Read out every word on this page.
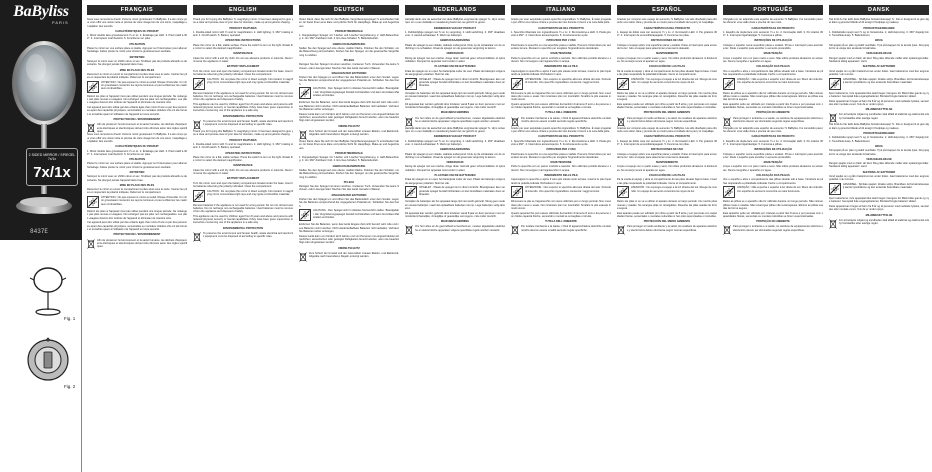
BaByliss
PARIS
2 SIDED MIRROR / SPIEGEL 7x/1x
7x/1x
8437E
Fig. 1
Fig. 2
FRANÇAIS
Nous vous remercions d'avoir choisi le miroir grossissant 7x BaByliss. Il a été conçu pour vous offrir une vision nette et précise de votre visage lors de vos soins, maquillage et épilation des sourcils.
CARACTÉRISTIQUES DU PRODUIT
1. Miroir double face grossissement 7x et 1x. 2. Éclairage par LED. 3. Pied rotatif à 360°. 4. Interrupteur marche/arrêt. 5. Fonctionne sur piles.
UTILISATION
Placez le miroir sur une surface plane et stable. Appuyez sur l'interrupteur pour allumer l'éclairage. Faites pivoter le miroir pour choisir le grossissement souhaité.
ENTRETIEN
Nettoyez le miroir avec un chiffon doux et sec. N'utilisez pas de produits abrasifs ou de solvants. Ne plongez jamais l'appareil dans l'eau.
MISE EN PLACE DES PILES
Retournez le miroir et ouvrez le compartiment à piles situé sous le socle. Insérez les piles en respectant la polarité indiquée. Refermez le compartiment.
ATTENTION : Ne pas exposer le miroir au soleil. Risque d'incendie. Un miroir grossissant concentre les rayons lumineux et peut enflammer les matériaux combustibles.
Retirez les piles si l'appareil n'est pas utilisé pendant une longue période. Ne mélangez pas piles neuves et usagées. Ne rechargez pas les piles non rechargeables. Les piles usagées doivent être retirées de l'appareil et éliminées de manière sûre.
Cet appareil peut être utilisé par des enfants âgés d'au moins 8 ans et par des personnes ayant des capacités physiques, sensorielles ou mentales réduites s'ils ont été formés et encadrés quant à l'utilisation de l'appareil en toute sécurité.
PROTECTION DE L'ENVIRONNEMENT
Afin de préserver l'environnement et la santé humaine, les déchets d'équipements électriques et électroniques doivent être éliminés selon des règles spécifiques.
Nous vous remercions d'avoir choisi le miroir grossissant 7x BaByliss. Il a été conçu pour vous offrir une vision nette et précise de votre visage lors de vos soins, maquillage et épilation des sourcils.
CARACTÉRISTIQUES DU PRODUIT
1. Miroir double face grossissement 7x et 1x. 2. Éclairage par LED. 3. Pied rotatif à 360°. 4. Interrupteur marche/arrêt. 5. Fonctionne sur piles.
UTILISATION
Placez le miroir sur une surface plane et stable. Appuyez sur l'interrupteur pour allumer l'éclairage. Faites pivoter le miroir pour choisir le grossissement souhaité.
ENTRETIEN
Nettoyez le miroir avec un chiffon doux et sec. N'utilisez pas de produits abrasifs ou de solvants. Ne plongez jamais l'appareil dans l'eau.
MISE EN PLACE DES PILES
Retournez le miroir et ouvrez le compartiment à piles situé sous le socle. Insérez les piles en respectant la polarité indiquée. Refermez le compartiment.
ATTENTION : Ne pas exposer le miroir au soleil. Risque d'incendie. Un miroir grossissant concentre les rayons lumineux et peut enflammer les matériaux combustibles.
Retirez les piles si l'appareil n'est pas utilisé pendant une longue période. Ne mélangez pas piles neuves et usagées. Ne rechargez pas les piles non rechargeables. Les piles usagées doivent être retirées de l'appareil et éliminées de manière sûre.
Cet appareil peut être utilisé par des enfants âgés d'au moins 8 ans et par des personnes ayant des capacités physiques, sensorielles ou mentales réduites s'ils ont été formés et encadrés quant à l'utilisation de l'appareil en toute sécurité.
PROTECTION DE L'ENVIRONNEMENT
Afin de préserver l'environnement et la santé humaine, les déchets d'équipements électriques et électroniques doivent être éliminés selon des règles spécifiques.
ENGLISH
Thank you for buying this BaByliss 7x magnifying mirror. It has been designed to give you a clear and precise view of your face for skincare, make-up and eyebrow shaping.
PRODUCT FEATURES
1. Double-sided mirror with 7x and 1x magnification. 2. LED lighting. 3. 360° rotating stand. 4. On/off switch. 5. Battery operated.
OPERATING INSTRUCTIONS
Place the mirror on a flat, stable surface. Press the switch to turn on the light. Rotate the mirror to select the desired magnification.
MAINTENANCE
Clean the mirror with a soft dry cloth. Do not use abrasive products or solvents. Never immerse the appliance in water.
BATTERY REPLACEMENT
Turn the mirror over and open the battery compartment located under the base. Insert the batteries observing the polarity indicated. Close the compartment.
CAUTION : Do not place the mirror in direct sunlight. Fire hazard. A magnifying mirror concentrates light rays and may ignite combustible materials.
Remove batteries if the appliance is not used for a long period. Do not mix old and new batteries. Do not recharge non-rechargeable batteries. Used batteries must be removed from the appliance and disposed of safely.
This appliance can be used by children aged from 8 years and above and persons with reduced physical, sensory or mental capabilities if they have been given supervision or instruction concerning use of the appliance in a safe way.
ENVIRONMENTAL PROTECTION
To preserve the environment and human health, waste electrical and electronic equipment must be disposed of according to specific rules.
Thank you for buying this BaByliss 7x magnifying mirror. It has been designed to give you a clear and precise view of your face for skincare, make-up and eyebrow shaping.
PRODUCT FEATURES
1. Double-sided mirror with 7x and 1x magnification. 2. LED lighting. 3. 360° rotating stand. 4. On/off switch. 5. Battery operated.
OPERATING INSTRUCTIONS
Place the mirror on a flat, stable surface. Press the switch to turn on the light. Rotate the mirror to select the desired magnification.
MAINTENANCE
Clean the mirror with a soft dry cloth. Do not use abrasive products or solvents. Never immerse the appliance in water.
BATTERY REPLACEMENT
Turn the mirror over and open the battery compartment located under the base. Insert the batteries observing the polarity indicated. Close the compartment.
CAUTION : Do not place the mirror in direct sunlight. Fire hazard. A magnifying mirror concentrates light rays and may ignite combustible materials.
Remove batteries if the appliance is not used for a long period. Do not mix old and new batteries. Do not recharge non-rechargeable batteries. Used batteries must be removed from the appliance and disposed of safely.
This appliance can be used by children aged from 8 years and above and persons with reduced physical, sensory or mental capabilities if they have been given supervision or instruction concerning use of the appliance in a safe way.
ENVIRONMENTAL PROTECTION
To preserve the environment and human health, waste electrical and electronic equipment must be disposed of according to specific rules.
DEUTSCH
Vielen Dank, dass Sie sich für den BaByliss Vergrößerungsspiegel 7x entschieden haben. Er bietet Ihnen eine klare und präzise Sicht für Hautpflege, Make-up und Augenbrauen.
PRODUKTMERKMALE
1. Doppelseitiger Spiegel mit 7-facher und 1-facher Vergrößerung. 2. LED-Beleuchtung. 3. Um 360° drehbarer Fuß. 4. Ein-/Aus-Schalter. 5. Batteriebetrieb.
GEBRAUCHSANWEISUNG
Stellen Sie den Spiegel auf eine ebene, stabile Fläche. Drücken Sie den Schalter, um die Beleuchtung einzuschalten. Drehen Sie den Spiegel, um die gewünschte Vergrößerung zu wählen.
PFLEGE
Reinigen Sie den Spiegel mit einem weichen, trockenen Tuch. Verwenden Sie keine Scheuer- oder Lösungsmittel. Tauchen Sie das Gerät niemals in Wasser.
EINLEGEN DER BATTERIEN
Drehen Sie den Spiegel um und öffnen Sie das Batteriefach unter dem Sockel. Legen Sie die Batterien entsprechend der angegebenen Polarität ein. Schließen Sie das Fach.
ACHTUNG : Den Spiegel nicht in direktes Sonnenlicht stellen. Brandgefahr. Ein Vergrößerungsspiegel bündelt Lichtstrahlen und kann brennbare Materialien entzünden.
Entfernen Sie die Batterien, wenn das Gerät längere Zeit nicht benutzt wird. Alte und neue Batterien nicht mischen. Nicht wiederaufladbare Batterien nicht aufladen. Verbrauchte Batterien sicher entsorgen.
Dieses Gerät kann von Kindern ab 8 Jahren und von Personen mit eingeschränkten körperlichen, sensorischen oder geistigen Fähigkeiten benutzt werden, wenn sie beaufsichtigt oder eingewiesen wurden.
UMWELTSCHUTZ
Zum Schutz der Umwelt und der Gesundheit müssen Elektro- und Elektronik-Altgeräte nach besonderen Regeln entsorgt werden.
Vielen Dank, dass Sie sich für den BaByliss Vergrößerungsspiegel 7x entschieden haben. Er bietet Ihnen eine klare und präzise Sicht für Hautpflege, Make-up und Augenbrauen.
PRODUKTMERKMALE
1. Doppelseitiger Spiegel mit 7-facher und 1-facher Vergrößerung. 2. LED-Beleuchtung. 3. Um 360° drehbarer Fuß. 4. Ein-/Aus-Schalter. 5. Batteriebetrieb.
GEBRAUCHSANWEISUNG
Stellen Sie den Spiegel auf eine ebene, stabile Fläche. Drücken Sie den Schalter, um die Beleuchtung einzuschalten. Drehen Sie den Spiegel, um die gewünschte Vergrößerung zu wählen.
PFLEGE
Reinigen Sie den Spiegel mit einem weichen, trockenen Tuch. Verwenden Sie keine Scheuer- oder Lösungsmittel. Tauchen Sie das Gerät niemals in Wasser.
EINLEGEN DER BATTERIEN
Drehen Sie den Spiegel um und öffnen Sie das Batteriefach unter dem Sockel. Legen Sie die Batterien entsprechend der angegebenen Polarität ein. Schließen Sie das Fach.
ACHTUNG : Den Spiegel nicht in direktes Sonnenlicht stellen. Brandgefahr. Ein Vergrößerungsspiegel bündelt Lichtstrahlen und kann brennbare Materialien entzünden.
Entfernen Sie die Batterien, wenn das Gerät längere Zeit nicht benutzt wird. Alte und neue Batterien nicht mischen. Nicht wiederaufladbare Batterien nicht aufladen. Verbrauchte Batterien sicher entsorgen.
Dieses Gerät kann von Kindern ab 8 Jahren und von Personen mit eingeschränkten körperlichen, sensorischen oder geistigen Fähigkeiten benutzt werden, wenn sie beaufsichtigt oder eingewiesen wurden.
UMWELTSCHUTZ
Zum Schutz der Umwelt und der Gesundheit müssen Elektro- und Elektronik-Altgeräte nach besonderen Regeln entsorgt werden.
NEDERLANDS
Hartelijk dank voor de aanschaf van deze BaByliss vergrotende spiegel 7x. Hij is ontworpen om u een duidelijk en nauwkeurig beeld van uw gezicht te geven.
KENMERKEN VAN HET PRODUCT
1. Dubbelzijdige spiegel met 7x en 1x vergroting. 2. LED-verlichting. 3. 360° draaibare voet. 4. Aan/uit-schakelaar. 5. Werkt op batterijen.
GEBRUIKSAANWIJZING
Plaats de spiegel op een vlakke, stabiele ondergrond. Druk op de schakelaar om de verlichting in te schakelen. Draai de spiegel om de gewenste vergroting te kiezen.
ONDERHOUD
Reinig de spiegel met een zachte, droge doek. Gebruik geen schuurmiddelen of oplosmiddelen. Dompel het apparaat nooit onder in water.
PLAATSEN VAN DE BATTERIJEN
Draai de spiegel om en open het batterijvak onder de voet. Plaats de batterijen volgens de aangegeven polariteit. Sluit het vak.
OPGELET : Plaats de spiegel niet in direct zonlicht. Brandgevaar. Een vergrotende spiegel bundelt lichtstralen en kan brandbare materialen doen ontbranden.
Verwijder de batterijen als het apparaat lange tijd niet wordt gebruikt. Meng geen oude en nieuwe batterijen. Laad niet-oplaadbare batterijen niet op. Lege batterijen veilig afvoeren.
Dit apparaat kan worden gebruikt door kinderen vanaf 8 jaar en door personen met verminderde lichamelijke, zintuiglijke of geestelijke vermogens, mits onder toezicht.
MILIEUBESCHERMING
Om het milieu en de gezondheid te beschermen, moeten afgedankte elektrische en elektronische apparaten volgens specifieke regels worden verwerkt.
Hartelijk dank voor de aanschaf van deze BaByliss vergrotende spiegel 7x. Hij is ontworpen om u een duidelijk en nauwkeurig beeld van uw gezicht te geven.
KENMERKEN VAN HET PRODUCT
1. Dubbelzijdige spiegel met 7x en 1x vergroting. 2. LED-verlichting. 3. 360° draaibare voet. 4. Aan/uit-schakelaar. 5. Werkt op batterijen.
GEBRUIKSAANWIJZING
Plaats de spiegel op een vlakke, stabiele ondergrond. Druk op de schakelaar om de verlichting in te schakelen. Draai de spiegel om de gewenste vergroting te kiezen.
ONDERHOUD
Reinig de spiegel met een zachte, droge doek. Gebruik geen schuurmiddelen of oplosmiddelen. Dompel het apparaat nooit onder in water.
PLAATSEN VAN DE BATTERIJEN
Draai de spiegel om en open het batterijvak onder de voet. Plaats de batterijen volgens de aangegeven polariteit. Sluit het vak.
OPGELET : Plaats de spiegel niet in direct zonlicht. Brandgevaar. Een vergrotende spiegel bundelt lichtstralen en kan brandbare materialen doen ontbranden.
Verwijder de batterijen als het apparaat lange tijd niet wordt gebruikt. Meng geen oude en nieuwe batterijen. Laad niet-oplaadbare batterijen niet op. Lege batterijen veilig afvoeren.
Dit apparaat kan worden gebruikt door kinderen vanaf 8 jaar en door personen met verminderde lichamelijke, zintuiglijke of geestelijke vermogens, mits onder toezicht.
MILIEUBESCHERMING
Om het milieu en de gezondheid te beschermen, moeten afgedankte elektrische en elektronische apparaten volgens specifieke regels worden verwerkt.
ITALIANO
Grazie per aver acquistato questo specchio ingranditore 7x BaByliss. È stato progettato per offrirvi una visione chiara e precisa del viso durante il trucco e la cura della pelle.
CARATTERISTICHE DEL PRODOTTO
1. Specchio bifacciale con ingrandimento 7x e 1x. 2. Illuminazione a LED. 3. Piede girevole a 360°. 4. Interruttore acceso/spento. 5. Funzionamento a pile.
ISTRUZIONI PER L'USO
Posizionare lo specchio su una superficie piana e stabile. Premere l'interruttore per accendere la luce. Ruotare lo specchio per scegliere l'ingrandimento desiderato.
MANUTENZIONE
Pulire lo specchio con un panno morbido e asciutto. Non utilizzare prodotti abrasivi o solventi. Non immergere mai l'apparecchio in acqua.
INSERIMENTO DELLE PILE
Capovolgere lo specchio e aprire il vano pile situato sotto la base. Inserire le pile rispettando la polarità indicata. Richiudere il vano.
ATTENZIONE : Non esporre lo specchio alla luce diretta del sole. Pericolo di incendio. Uno specchio ingranditore concentra i raggi luminosi.
Rimuovere le pile se l'apparecchio non viene utilizzato per un lungo periodo. Non mescolare pile nuove e usate. Non ricaricare pile non ricaricabili. Smaltire le pile esauste in modo sicuro.
Questo apparecchio può essere utilizzato da bambini di almeno 8 anni e da persone con ridotte capacità fisiche, sensoriali o mentali se sorvegliate o istruite.
TUTELA DELL'AMBIENTE
Per tutelare l'ambiente e la salute, i rifiuti di apparecchiature elettriche ed elettroniche devono essere smaltiti secondo regole specifiche.
Grazie per aver acquistato questo specchio ingranditore 7x BaByliss. È stato progettato per offrirvi una visione chiara e precisa del viso durante il trucco e la cura della pelle.
CARATTERISTICHE DEL PRODOTTO
1. Specchio bifacciale con ingrandimento 7x e 1x. 2. Illuminazione a LED. 3. Piede girevole a 360°. 4. Interruttore acceso/spento. 5. Funzionamento a pile.
ISTRUZIONI PER L'USO
Posizionare lo specchio su una superficie piana e stabile. Premere l'interruttore per accendere la luce. Ruotare lo specchio per scegliere l'ingrandimento desiderato.
MANUTENZIONE
Pulire lo specchio con un panno morbido e asciutto. Non utilizzare prodotti abrasivi o solventi. Non immergere mai l'apparecchio in acqua.
INSERIMENTO DELLE PILE
Capovolgere lo specchio e aprire il vano pile situato sotto la base. Inserire le pile rispettando la polarità indicata. Richiudere il vano.
ATTENZIONE : Non esporre lo specchio alla luce diretta del sole. Pericolo di incendio. Uno specchio ingranditore concentra i raggi luminosi.
Rimuovere le pile se l'apparecchio non viene utilizzato per un lungo periodo. Non mescolare pile nuove e usate. Non ricaricare pile non ricaricabili. Smaltire le pile esauste in modo sicuro.
Questo apparecchio può essere utilizzato da bambini di almeno 8 anni e da persone con ridotte capacità fisiche, sensoriali o mentali se sorvegliate o istruite.
TUTELA DELL'AMBIENTE
Per tutelare l'ambiente e la salute, i rifiuti di apparecchiature elettriche ed elettroniche devono essere smaltiti secondo regole specifiche.
ESPAÑOL
Gracias por comprar este espejo de aumento 7x BaByliss. Ha sido diseñado para ofrecerle una visión clara y precisa de su rostro para el cuidado de la piel y el maquillaje.
CARACTERÍSTICAS DEL PRODUCTO
1. Espejo de doble cara con aumento 7x y 1x. 2. Iluminación LED. 3. Pie giratorio 360°. 4. Interruptor de encendido/apagado. 5. Funciona con pilas.
INSTRUCCIONES DE USO
Coloque el espejo sobre una superficie plana y estable. Pulse el interruptor para encender la luz. Gire el espejo para seleccionar el aumento deseado.
MANTENIMIENTO
Limpie el espejo con un paño suave y seco. No utilice productos abrasivos ni disolventes. No sumerja nunca el aparato en agua.
COLOCACIÓN DE LAS PILAS
Dé la vuelta al espejo y abra el compartimento de las pilas situado bajo la base. Inserte las pilas respetando la polaridad indicada. Cierre el compartimento.
ATENCIÓN : No exponga el espejo a la luz directa del sol. Riesgo de incendio. Un espejo de aumento concentra los rayos de luz.
Retire las pilas si no va a utilizar el aparato durante un largo periodo. No mezcle pilas nuevas y usadas. No recargue pilas no recargables. Deseche las pilas usadas de forma segura.
Este aparato puede ser utilizado por niños a partir de 8 años y por personas con capacidades físicas, sensoriales o mentales reducidas si han sido supervisadas o instruidas.
PROTECCIÓN DEL MEDIO AMBIENTE
Para proteger el medio ambiente y la salud, los residuos de aparatos eléctricos y electrónicos deben eliminarse según normas específicas.
Gracias por comprar este espejo de aumento 7x BaByliss. Ha sido diseñado para ofrecerle una visión clara y precisa de su rostro para el cuidado de la piel y el maquillaje.
CARACTERÍSTICAS DEL PRODUCTO
1. Espejo de doble cara con aumento 7x y 1x. 2. Iluminación LED. 3. Pie giratorio 360°. 4. Interruptor de encendido/apagado. 5. Funciona con pilas.
INSTRUCCIONES DE USO
Coloque el espejo sobre una superficie plana y estable. Pulse el interruptor para encender la luz. Gire el espejo para seleccionar el aumento deseado.
MANTENIMIENTO
Limpie el espejo con un paño suave y seco. No utilice productos abrasivos ni disolventes. No sumerja nunca el aparato en agua.
COLOCACIÓN DE LAS PILAS
Dé la vuelta al espejo y abra el compartimento de las pilas situado bajo la base. Inserte las pilas respetando la polaridad indicada. Cierre el compartimento.
ATENCIÓN : No exponga el espejo a la luz directa del sol. Riesgo de incendio. Un espejo de aumento concentra los rayos de luz.
Retire las pilas si no va a utilizar el aparato durante un largo periodo. No mezcle pilas nuevas y usadas. No recargue pilas no recargables. Deseche las pilas usadas de forma segura.
Este aparato puede ser utilizado por niños a partir de 8 años y por personas con capacidades físicas, sensoriales o mentales reducidas si han sido supervisadas o instruidas.
PROTECCIÓN DEL MEDIO AMBIENTE
Para proteger el medio ambiente y la salud, los residuos de aparatos eléctricos y electrónicos deben eliminarse según normas específicas.
PORTUGUÊS
Obrigado por ter adquirido este espelho de aumento 7x BaByliss. Foi concebido para lhe oferecer uma visão clara e precisa do seu rosto.
CARACTERÍSTICAS DO PRODUTO
1. Espelho de dupla face com aumento 7x e 1x. 2. Iluminação LED. 3. Pé rotativo 360°. 4. Interruptor ligar/desligar. 5. Funciona a pilhas.
INSTRUÇÕES DE UTILIZAÇÃO
Coloque o espelho numa superfície plana e estável. Prima o interruptor para acender a luz. Rode o espelho para escolher o aumento pretendido.
MANUTENÇÃO
Limpe o espelho com um pano macio e seco. Não utilize produtos abrasivos ou solventes. Nunca mergulhe o aparelho em água.
COLOCAÇÃO DAS PILHAS
Vire o espelho e abra o compartimento das pilhas situado sob a base. Introduza as pilhas respeitando a polaridade indicada. Feche o compartimento.
ATENÇÃO : Não exponha o espelho à luz direta do sol. Risco de incêndio. Um espelho de aumento concentra os raios luminosos.
Retire as pilhas se o aparelho não for utilizado durante um longo período. Não misture pilhas novas e usadas. Não recarregue pilhas não recarregáveis. Elimine as pilhas usadas de forma segura.
Este aparelho pode ser utilizado por crianças a partir dos 8 anos e por pessoas com capacidades físicas, sensoriais ou mentais reduzidas se forem supervisionadas.
PROTEÇÃO DO AMBIENTE
Para proteger o ambiente e a saúde, os resíduos de equipamentos elétricos e eletrónicos devem ser eliminados segundo regras específicas.
Obrigado por ter adquirido este espelho de aumento 7x BaByliss. Foi concebido para lhe oferecer uma visão clara e precisa do seu rosto.
CARACTERÍSTICAS DO PRODUTO
1. Espelho de dupla face com aumento 7x e 1x. 2. Iluminação LED. 3. Pé rotativo 360°. 4. Interruptor ligar/desligar. 5. Funciona a pilhas.
INSTRUÇÕES DE UTILIZAÇÃO
Coloque o espelho numa superfície plana e estável. Prima o interruptor para acender a luz. Rode o espelho para escolher o aumento pretendido.
MANUTENÇÃO
Limpe o espelho com um pano macio e seco. Não utilize produtos abrasivos ou solventes. Nunca mergulhe o aparelho em água.
COLOCAÇÃO DAS PILHAS
Vire o espelho e abra o compartimento das pilhas situado sob a base. Introduza as pilhas respeitando a polaridade indicada. Feche o compartimento.
ATENÇÃO : Não exponha o espelho à luz direta do sol. Risco de incêndio. Um espelho de aumento concentra os raios luminosos.
Retire as pilhas se o aparelho não for utilizado durante um longo período. Não misture pilhas novas e usadas. Não recarregue pilhas não recarregáveis. Elimine as pilhas usadas de forma segura.
Este aparelho pode ser utilizado por crianças a partir dos 8 anos e por pessoas com capacidades físicas, sensoriais ou mentais reduzidas se forem supervisionadas.
PROTEÇÃO DO AMBIENTE
Para proteger o ambiente e a saúde, os resíduos de equipamentos elétricos e eletrónicos devem ser eliminados segundo regras específicas.
DANSK
Tak fordi du har købt dette BaByliss forstørrelsesspejl 7x. Det er designet til at give dig et klart og præcist billede af dit ansigt til hudpleje og makeup.
PRODUKTEGENSKABER
1. Dobbeltsidet spejl med 7x og 1x forstørrelse. 2. LED-belysning. 3. 360° drejelig fod. 4. Tænd/sluk-knap. 5. Batteridrevet.
BRUG
Stil spejlet på en plan og stabil overflade. Tryk på knappen for at tænde lyset. Drej spejlet for at vælge den ønskede forstørrelse.
VEDLIGEHOLDELSE
Rengør spejlet med en blød, tør klud. Brug ikke slibende midler eller opløsningsmidler. Nedsænk aldrig apparatet i vand.
ISÆTNING AF BATTERIER
Vend spejlet om og åbn batterirummet under foden. Isæt batterierne med den angivne polaritet. Luk rummet.
ADVARSEL : Stil ikke spejlet i direkte sollys. Brandfare. Et forstørrelsesspejl samler lysstrålerne og kan antænde brændbare materialer.
Fjern batterierne, hvis apparatet ikke skal bruges i længere tid. Bland ikke gamle og nye batterier. Genoplad ikke engangsbatterier. Bortskaf brugte batterier sikkert.
Dette apparat kan bruges af børn fra 8 år og af personer med nedsatte fysiske, sensoriske eller mentale evner, hvis de er under opsyn.
MILJØBESKYTTELSE
For at beskytte miljøet og sundheden skal affald af elektrisk og elektronisk udstyr bortskaffes efter særlige regler.
Tak fordi du har købt dette BaByliss forstørrelsesspejl 7x. Det er designet til at give dig et klart og præcist billede af dit ansigt til hudpleje og makeup.
PRODUKTEGENSKABER
1. Dobbeltsidet spejl med 7x og 1x forstørrelse. 2. LED-belysning. 3. 360° drejelig fod. 4. Tænd/sluk-knap. 5. Batteridrevet.
BRUG
Stil spejlet på en plan og stabil overflade. Tryk på knappen for at tænde lyset. Drej spejlet for at vælge den ønskede forstørrelse.
VEDLIGEHOLDELSE
Rengør spejlet med en blød, tør klud. Brug ikke slibende midler eller opløsningsmidler. Nedsænk aldrig apparatet i vand.
ISÆTNING AF BATTERIER
Vend spejlet om og åbn batterirummet under foden. Isæt batterierne med den angivne polaritet. Luk rummet.
ADVARSEL : Stil ikke spejlet i direkte sollys. Brandfare. Et forstørrelsesspejl samler lysstrålerne og kan antænde brændbare materialer.
Fjern batterierne, hvis apparatet ikke skal bruges i længere tid. Bland ikke gamle og nye batterier. Genoplad ikke engangsbatterier. Bortskaf brugte batterier sikkert.
Dette apparat kan bruges af børn fra 8 år og af personer med nedsatte fysiske, sensoriske eller mentale evner, hvis de er under opsyn.
MILJØBESKYTTELSE
For at beskytte miljøet og sundheden skal affald af elektrisk og elektronisk udstyr bortskaffes efter særlige regler.
